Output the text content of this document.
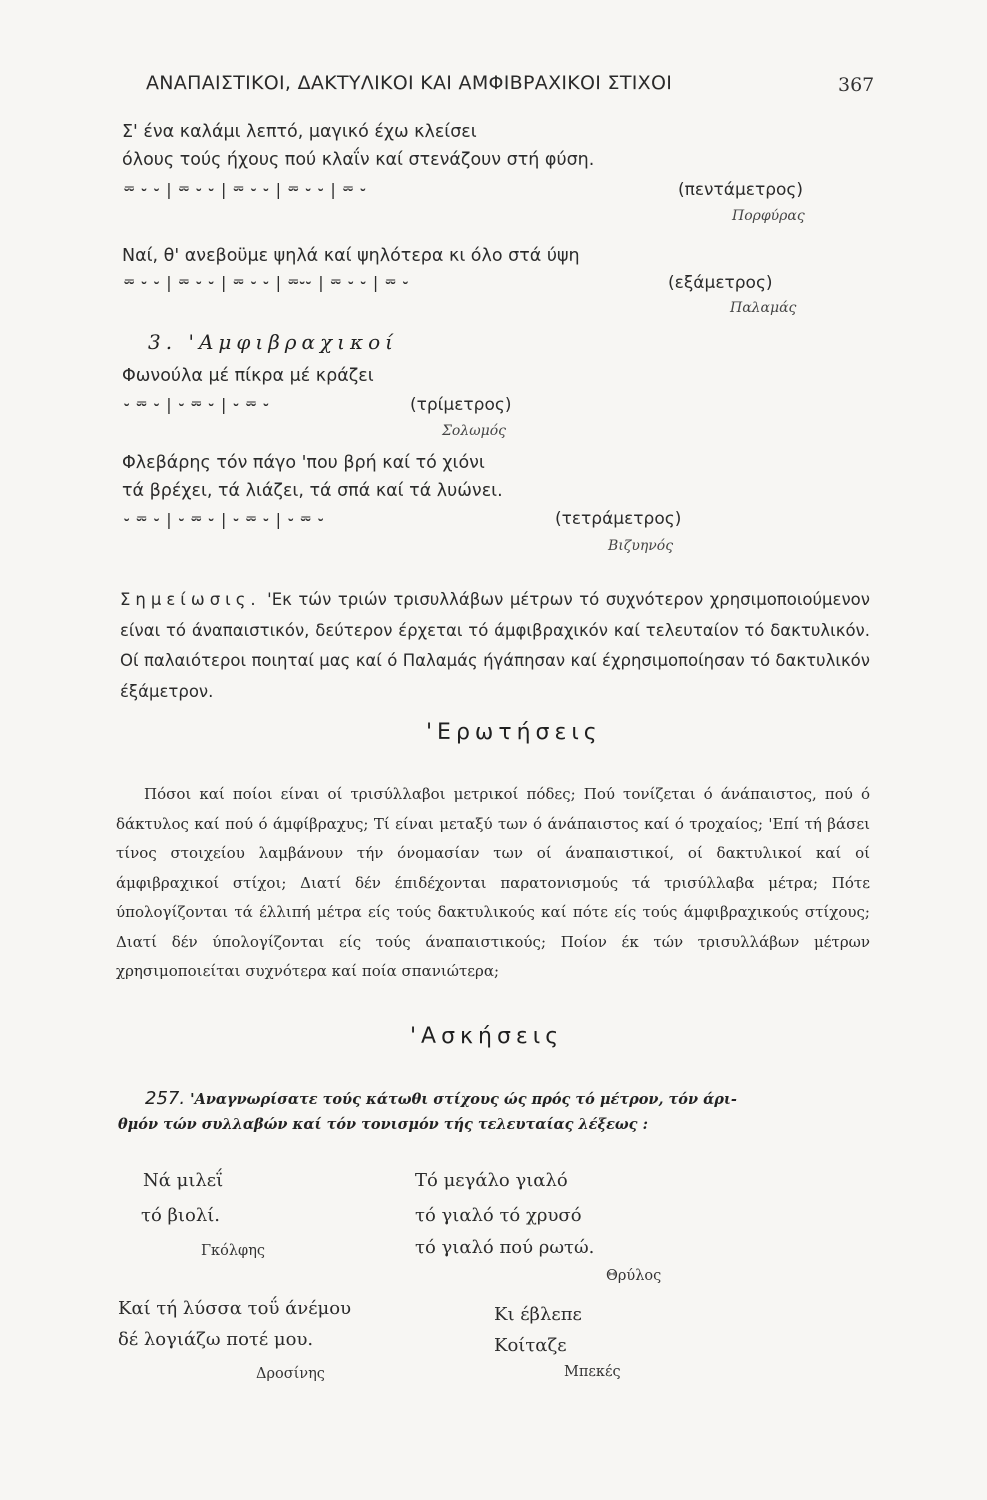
ΑΝΑΠΑΙΣΤΙΚΟΙ, ΔΑΚΤΥΛΙΚΟΙ ΚΑΙ ΑΜΦΙΒΡΑΧΙΚΟΙ ΣΤΙΧΟΙ	367
Σ' ένα καλάμι λεπτό, μαγικό έχω κλείσει
όλους τούς ήχους πού κλαΐν καί στενάζουν στή φύση.
⏔ ⏑ ⏑ | ⏔ ⏑ ⏑ | ⏔ ⏑ ⏑ | ⏔ ⏑ ⏑ | ⏔ ⏑	(πεντάμετρος)
Πορφύρας
Ναί, θ' ανεβοϋμε ψηλά καί ψηλότερα κι όλο στά ύψη
⏔ ⏑ ⏑ | ⏔ ⏑ ⏑ | ⏔ ⏑ ⏑ | ⏔⏑⏑ | ⏔ ⏑ ⏑ | ⏔ ⏑	(εξάμετρος)
Παλαμάς
3. 'Αμφιβραχικοί
Φωνούλα μέ πίκρα μέ κράζει
⏑ ⏔ ⏑ | ⏑ ⏔ ⏑ | ⏑ ⏔ ⏑	(τρίμετρος)
Σολωμός
Φλεβάρης τόν πάγο 'που βρή καί τό χιόνι
τά βρέχει, τά λιάζει, τά σπά καί τά λυώνει.
⏑ ⏔ ⏑ | ⏑ ⏔ ⏑ | ⏑ ⏔ ⏑ | ⏑ ⏔ ⏑	(τετράμετρος)
Βιζυηνός

Σημείωσις. 'Εκ τών τριών τρισυλλάβων μέτρων τό συχνότερον χρησιμοποιούμενον είναι τό άναπαιστικόν, δεύτερον έρχεται τό άμφιβραχικόν καί τελευταίον τό δακτυλικόν. Οί παλαιότεροι ποιηταί μας καί ό Παλαμάς ήγάπησαν καί έχρησιμοποίησαν τό δακτυλικόν έξάμετρον.

'Ερωτήσεις

Πόσοι καί ποίοι είναι οί τρισύλλαβοι μετρικοί πόδες; Πού τονίζεται ό άνάπαιστος, πού ό δάκτυλος καί πού ό άμφίβραχυς; Τί είναι μεταξύ των ό άνάπαιστος καί ό τροχαίος; 'Επί τή βάσει τίνος στοιχείου λαμβάνουν τήν όνομασίαν των οί άναπαιστικοί, οί δακτυλικοί καί οί άμφιβραχικοί στίχοι; Διατί δέν έπιδέχονται παρατονισμούς τά τρισύλλαβα μέτρα; Πότε ύπολογίζονται τά έλλιπή μέτρα είς τούς δακτυλικούς καί πότε είς τούς άμφιβραχικούς στίχους; Διατί δέν ύπολογίζονται είς τούς άναπαιστικούς; Ποίον έκ τών τρισυλλάβων μέτρων χρησιμοποιείται συχνότερα καί ποία σπανιώτερα;

'Ασκήσεις
257. 'Αναγνωρίσατε τούς κάτωθι στίχους ώς πρός τό μέτρον, τόν άρι-
θμόν τών συλλαβών καί τόν τονισμόν τής τελευταίας λέξεως :
Νά μιλεΐ
τό βιολί.
Γκόλφης
Τό μεγάλο γιαλό
τό γιαλό τό χρυσό
τό γιαλό πού ρωτώ.
Θρύλος
Καί τή λύσσα τοΰ άνέμου
δέ λογιάζω ποτέ μου.
Δροσίνης
Κι έβλεπε
Κοίταζε
Μπεκές
